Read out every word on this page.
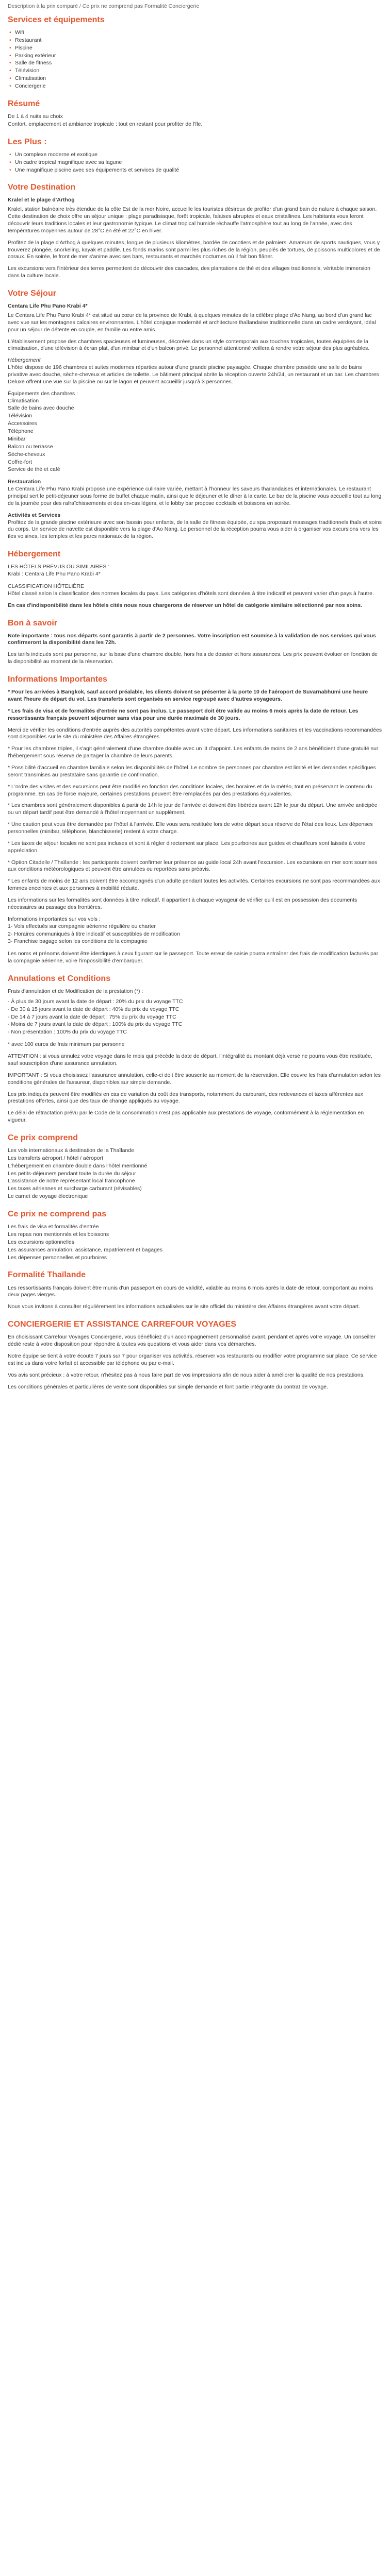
Description à la prix comparé / Ce prix ne comprend pas Formalité Conciergerie
Services et équipements
• Wifi
• Restaurant
• Piscine
• Parking extérieur
• Salle de fitness
• Télévision
• Climatisation
• Conciergerie
Résumé
De 1 à 4 nuits au choix
Confort, emplacement et ambiance tropicale : tout en restant pour profiter de l'île.
Les Plus :
• Un complexe moderne et exotique
• Un cadre tropical magnifique avec sa lagune
• Une magnifique piscine avec ses équipements et services de qualité
Votre Destination

Kralel et le plage d'Arthog

Kralel, station balnéaire très étendue de la côte Est de la mer Noire, accueille les touristes désireux de profiter d'un grand bain de nature à chaque saison. Cette destination de choix offre un séjour unique : plage paradisiaque, forêt tropicale, falaises abruptes et eaux cristallines. Les habitants vous feront découvrir leurs traditions locales et leur gastronomie typique. Le climat tropical humide réchauffe l'atmosphère tout au long de l'année, avec des températures moyennes autour de 28°C en été et 22°C en hiver.

Profitez de la plage d'Arthog à quelques minutes, longue de plusieurs kilomètres, bordée de cocotiers et de palmiers. Amateurs de sports nautiques, vous y trouverez plongée, snorkeling, kayak et paddle. Les fonds marins sont parmi les plus riches de la région, peuplés de tortues, de poissons multicolores et de coraux. En soirée, le front de mer s'anime avec ses bars, restaurants et marchés nocturnes où il fait bon flâner.

Les excursions vers l'intérieur des terres permettent de découvrir des cascades, des plantations de thé et des villages traditionnels, véritable immersion dans la culture locale.

Votre Séjour

Centara Life Phu Pano Krabi 4*

Le Centara Life Phu Pano Krabi 4* est situé au cœur de la province de Krabi, à quelques minutes de la célèbre plage d'Ao Nang, au bord d'un grand lac avec vue sur les montagnes calcaires environnantes. L'hôtel conjugue modernité et architecture thaïlandaise traditionnelle dans un cadre verdoyant, idéal pour un séjour de détente en couple, en famille ou entre amis.

L'établissement propose des chambres spacieuses et lumineuses, décorées dans un style contemporain aux touches tropicales, toutes équipées de la climatisation, d'une télévision à écran plat, d'un minibar et d'un balcon privé. Le personnel attentionné veillera à rendre votre séjour des plus agréables.

Hébergement

L'hôtel dispose de 196 chambres et suites modernes réparties autour d'une grande piscine paysagée. Chaque chambre possède une salle de bains privative avec douche, sèche-cheveux et articles de toilette. Le bâtiment principal abrite la réception ouverte 24h/24, un restaurant et un bar. Les chambres Deluxe offrent une vue sur la piscine ou sur le lagon et peuvent accueillir jusqu'à 3 personnes.

Équipements des chambres :
Climatisation
Salle de bains avec douche
Télévision
Accessoires
Téléphone
Minibar
Balcon ou terrasse
Sèche-cheveux
Coffre-fort
Service de thé et café
Restauration

Le Centara Life Phu Pano Krabi propose une expérience culinaire variée, mettant à l'honneur les saveurs thaïlandaises et internationales. Le restaurant principal sert le petit-déjeuner sous forme de buffet chaque matin, ainsi que le déjeuner et le dîner à la carte. Le bar de la piscine vous accueille tout au long de la journée pour des rafraîchissements et des en-cas légers, et le lobby bar propose cocktails et boissons en soirée.

Activités et Services

Profitez de la grande piscine extérieure avec son bassin pour enfants, de la salle de fitness équipée, du spa proposant massages traditionnels thaïs et soins du corps. Un service de navette est disponible vers la plage d'Ao Nang. Le personnel de la réception pourra vous aider à organiser vos excursions vers les îles voisines, les temples et les parcs nationaux de la région.

Hébergement
LES HÔTELS PRÉVUS OU SIMILAIRES :
Krabi : Centara Life Phu Pano Krabi 4*
CLASSIFICATION HÔTELIÈRE

Hôtel classé selon la classification des normes locales du pays. Les catégories d'hôtels sont données à titre indicatif et peuvent varier d'un pays à l'autre.

En cas d'indisponibilité dans les hôtels cités nous nous chargerons de réserver un hôtel de catégorie similaire sélectionné par nos soins.

Bon à savoir

Note importante : tous nos départs sont garantis à partir de 2 personnes. Votre inscription est soumise à la validation de nos services qui vous confirmeront la disponibilité dans les 72h.

Les tarifs indiqués sont par personne, sur la base d'une chambre double, hors frais de dossier et hors assurances. Les prix peuvent évoluer en fonction de la disponibilité au moment de la réservation.

Informations Importantes

* Pour les arrivées à Bangkok, sauf accord préalable, les clients doivent se présenter à la porte 10 de l'aéroport de Suvarnabhumi une heure avant l'heure de départ du vol. Les transferts sont organisés en service regroupé avec d'autres voyageurs.

* Les frais de visa et de formalités d'entrée ne sont pas inclus. Le passeport doit être valide au moins 6 mois après la date de retour. Les ressortissants français peuvent séjourner sans visa pour une durée maximale de 30 jours.

Merci de vérifier les conditions d'entrée auprès des autorités compétentes avant votre départ. Les informations sanitaires et les vaccinations recommandées sont disponibles sur le site du ministère des Affaires étrangères.

* Pour les chambres triples, il s'agit généralement d'une chambre double avec un lit d'appoint. Les enfants de moins de 2 ans bénéficient d'une gratuité sur l'hébergement sous réserve de partager la chambre de leurs parents.

* Possibilité d'accueil en chambre familiale selon les disponibilités de l'hôtel. Le nombre de personnes par chambre est limité et les demandes spécifiques seront transmises au prestataire sans garantie de confirmation.

* L'ordre des visites et des excursions peut être modifié en fonction des conditions locales, des horaires et de la météo, tout en préservant le contenu du programme. En cas de force majeure, certaines prestations peuvent être remplacées par des prestations équivalentes.

* Les chambres sont généralement disponibles à partir de 14h le jour de l'arrivée et doivent être libérées avant 12h le jour du départ. Une arrivée anticipée ou un départ tardif peut être demandé à l'hôtel moyennant un supplément.

* Une caution peut vous être demandée par l'hôtel à l'arrivée. Elle vous sera restituée lors de votre départ sous réserve de l'état des lieux. Les dépenses personnelles (minibar, téléphone, blanchisserie) restent à votre charge.

* Les taxes de séjour locales ne sont pas incluses et sont à régler directement sur place. Les pourboires aux guides et chauffeurs sont laissés à votre appréciation.

* Option Citadelle / Thaïlande : les participants doivent confirmer leur présence au guide local 24h avant l'excursion. Les excursions en mer sont soumises aux conditions météorologiques et peuvent être annulées ou reportées sans préavis.

* Les enfants de moins de 12 ans doivent être accompagnés d'un adulte pendant toutes les activités. Certaines excursions ne sont pas recommandées aux femmes enceintes et aux personnes à mobilité réduite.

Les informations sur les formalités sont données à titre indicatif. Il appartient à chaque voyageur de vérifier qu'il est en possession des documents nécessaires au passage des frontières.

Informations importantes sur vos vols :
1- Vols effectués sur compagnie aérienne régulière ou charter
2- Horaires communiqués à titre indicatif et susceptibles de modification
3- Franchise bagage selon les conditions de la compagnie

Les noms et prénoms doivent être identiques à ceux figurant sur le passeport. Toute erreur de saisie pourra entraîner des frais de modification facturés par la compagnie aérienne, voire l'impossibilité d'embarquer.

Annulations et Conditions
Frais d'annulation et de Modification de la prestation (*) :
- À plus de 30 jours avant la date de départ : 20% du prix du voyage TTC
- De 30 à 15 jours avant la date de départ : 40% du prix du voyage TTC
- De 14 à 7 jours avant la date de départ : 75% du prix du voyage TTC
- Moins de 7 jours avant la date de départ : 100% du prix du voyage TTC
- Non présentation : 100% du prix du voyage TTC

* avec 100 euros de frais minimum par personne

ATTENTION : si vous annulez votre voyage dans le mois qui précède la date de départ, l'intégralité du montant déjà versé ne pourra vous être restituée, sauf souscription d'une assurance annulation.

IMPORTANT : Si vous choisissez l'assurance annulation, celle-ci doit être souscrite au moment de la réservation. Elle couvre les frais d'annulation selon les conditions générales de l'assureur, disponibles sur simple demande.

Les prix indiqués peuvent être modifiés en cas de variation du coût des transports, notamment du carburant, des redevances et taxes afférentes aux prestations offertes, ainsi que des taux de change appliqués au voyage.

Le délai de rétractation prévu par le Code de la consommation n'est pas applicable aux prestations de voyage, conformément à la réglementation en vigueur.

Ce prix comprend
Les vols internationaux à destination de la Thaïlande
Les transferts aéroport / hôtel / aéroport
L'hébergement en chambre double dans l'hôtel mentionné
Les petits-déjeuners pendant toute la durée du séjour
L'assistance de notre représentant local francophone
Les taxes aériennes et surcharge carburant (révisables)
Le carnet de voyage électronique
Ce prix ne comprend pas
Les frais de visa et formalités d'entrée
Les repas non mentionnés et les boissons
Les excursions optionnelles
Les assurances annulation, assistance, rapatriement et bagages
Les dépenses personnelles et pourboires
Formalité Thaïlande

Les ressortissants français doivent être munis d'un passeport en cours de validité, valable au moins 6 mois après la date de retour, comportant au moins deux pages vierges.

Nous vous invitons à consulter régulièrement les informations actualisées sur le site officiel du ministère des Affaires étrangères avant votre départ.

CONCIERGERIE ET ASSISTANCE CARREFOUR VOYAGES

En choisissant Carrefour Voyages Conciergerie, vous bénéficiez d'un accompagnement personnalisé avant, pendant et après votre voyage. Un conseiller dédié reste à votre disposition pour répondre à toutes vos questions et vous aider dans vos démarches.

Notre équipe se tient à votre écoute 7 jours sur 7 pour organiser vos activités, réserver vos restaurants ou modifier votre programme sur place. Ce service est inclus dans votre forfait et accessible par téléphone ou par e-mail.

Vos avis sont précieux : à votre retour, n'hésitez pas à nous faire part de vos impressions afin de nous aider à améliorer la qualité de nos prestations.

Les conditions générales et particulières de vente sont disponibles sur simple demande et font partie intégrante du contrat de voyage.
